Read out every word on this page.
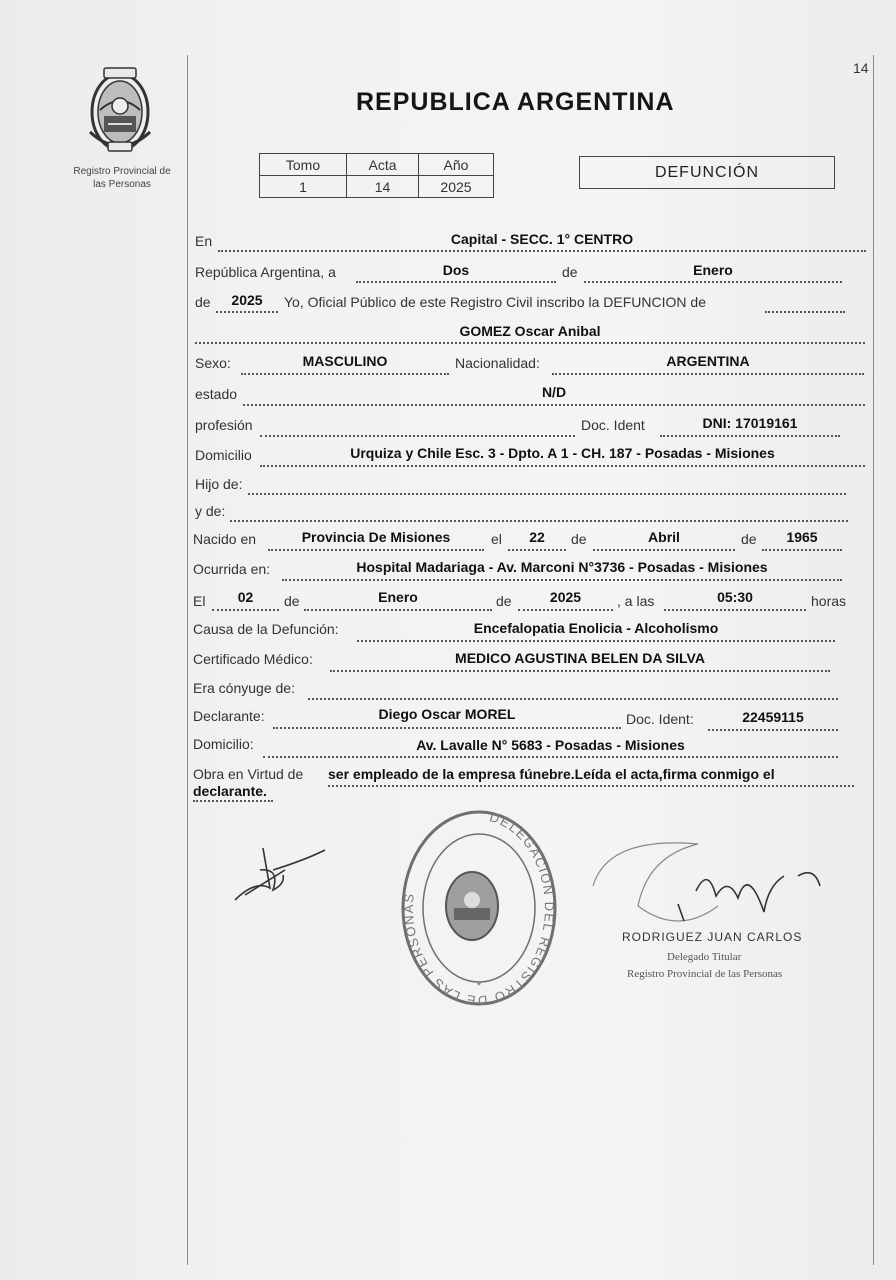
14
Registro Provincial de
las Personas
REPUBLICA ARGENTINA
Tomo	Acta	Año
1	14	2025
DEFUNCIÓN
En	Capital - SECC. 1° CENTRO
República Argentina, a	Dos	de	Enero
de	2025	Yo, Oficial Público de este Registro Civil inscribo la DEFUNCION de
GOMEZ Oscar Anibal
Sexo:	MASCULINO	Nacionalidad:	ARGENTINA
estado	N/D
profesión	Doc. Ident	DNI: 17019161
Domicilio	Urquiza y Chile Esc. 3 - Dpto. A 1 - CH. 187 - Posadas - Misiones
Hijo de:
y de:
Nacido en	Provincia De Misiones	el	22	de	Abril	de	1965
Ocurrida en:	Hospital Madariaga - Av. Marconi N°3736 - Posadas - Misiones
El	02	de	Enero	de	2025	, a las	05:30	horas
Causa de la Defunción:	Encefalopatia Enolicia - Alcoholismo
Certificado Médico:	MEDICO AGUSTINA BELEN DA SILVA
Era cónyuge de:
Declarante:	Diego Oscar MOREL	Doc. Ident:	22459115
Domicilio:	Av. Lavalle N° 5683 - Posadas - Misiones
Obra en Virtud de ser empleado de la empresa fúnebre.Leída el acta,firma conmigo el
declarante.
DELEGACION DEL REGISTRO DE LAS PERSONAS
*
RODRIGUEZ JUAN CARLOS
Delegado Titular
Registro Provincial de las Personas
